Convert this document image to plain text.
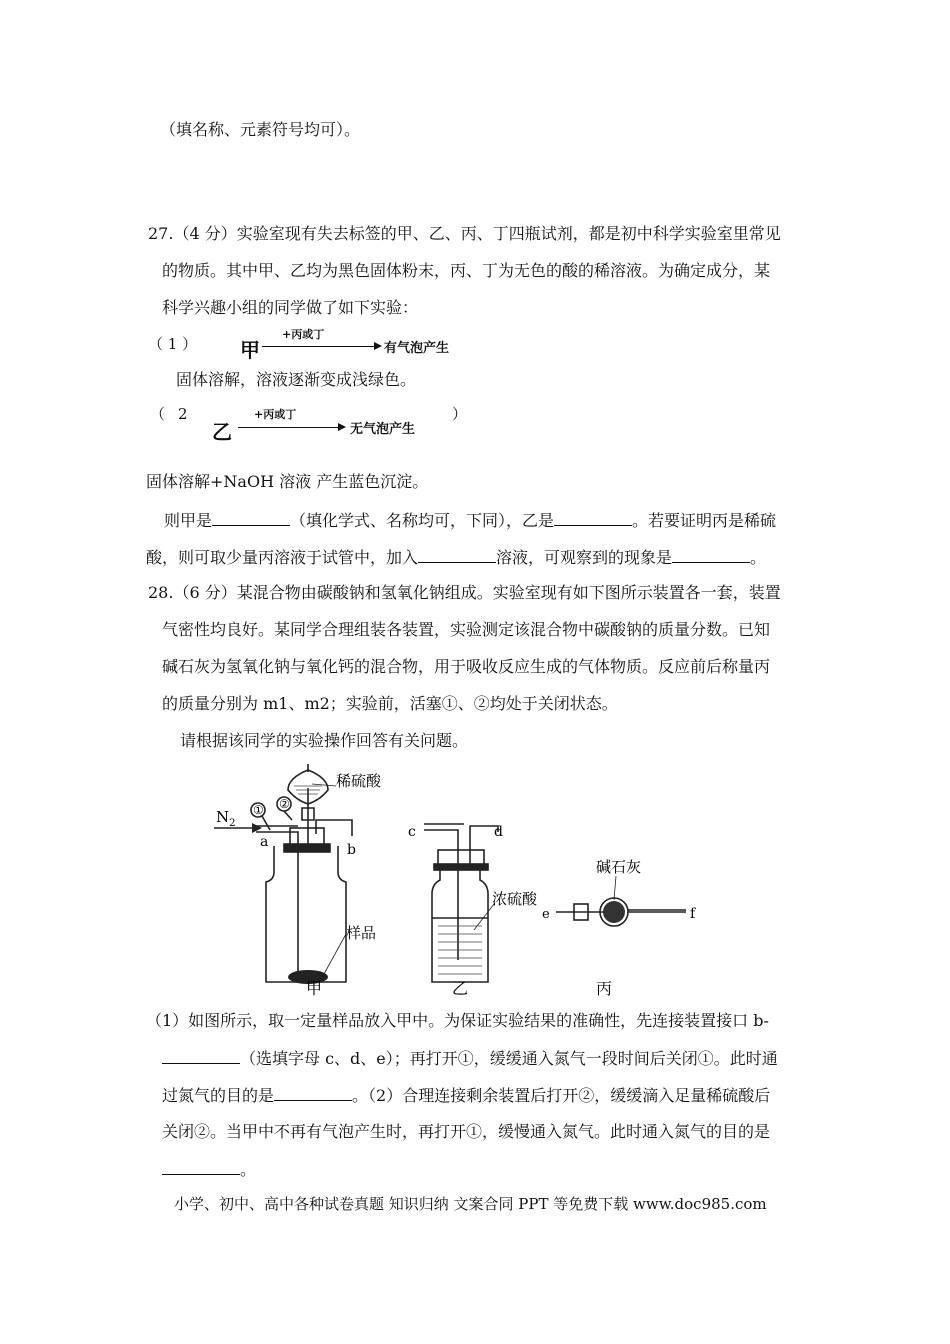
（填名称、元素符号均可）。
27.（4 分）实验室现有失去标签的甲、乙、丙、丁四瓶试剂，都是初中科学实验室里常见
的物质。其中甲、乙均为黑色固体粉末，丙、丁为无色的酸的稀溶液。为确定成分，某
科学兴趣小组的同学做了如下实验：
（ 1 ） 甲
+丙或丁
有气泡产生
固体溶解，溶液逐渐变成浅绿色。
（ 2	）
乙
+丙或丁
无气泡产生
固体溶解+NaOH 溶液 产生蓝色沉淀。
则甲是	（填化学式、名称均可，下同），乙是	。若要证明丙是稀硫
酸，则可取少量丙溶液于试管中，加入	溶液，可观察到的现象是	。
28.（6 分）某混合物由碳酸钠和氢氧化钠组成。实验室现有如下图所示装置各一套，装置
气密性均良好。某同学合理组装各装置，实验测定该混合物中碳酸钠的质量分数。已知
碱石灰为氢氧化钠与氧化钙的混合物，用于吸收反应生成的气体物质。反应前后称量丙
的质量分别为 m1、m2；实验前，活塞①、②均处于关闭状态。
请根据该同学的实验操作回答有关问题。
$N_2$
① ②
a	b
c	d
e	f
稀硫酸
样品
浓硫酸
碱石灰
甲	乙	丙
（1）如图所示，取一定量样品放入甲中。为保证实验结果的准确性，先连接装置接口 b-
（选填字母 c、d、e）；再打开①，缓缓通入氮气一段时间后关闭①。此时通
过氮气的目的是	。（2）合理连接剩余装置后打开②，缓缓滴入足量稀硫酸后
关闭②。当甲中不再有气泡产生时，再打开①，缓慢通入氮气。此时通入氮气的目的是
。
小学、初中、高中各种试卷真题 知识归纳 文案合同 PPT 等免费下载 www.doc985.com
